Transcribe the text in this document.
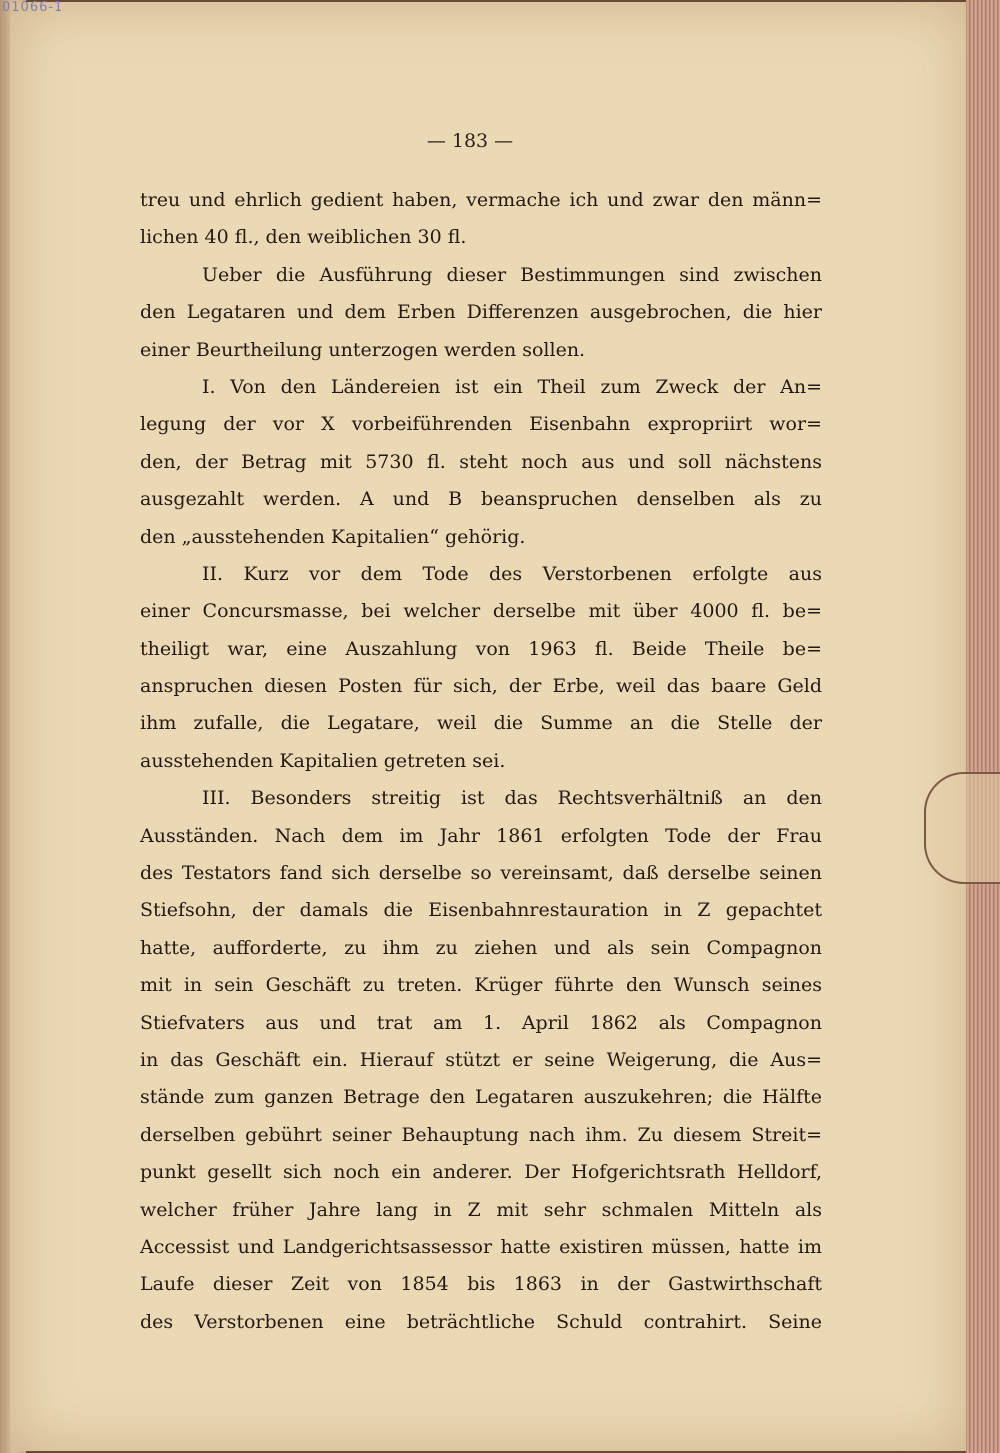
01066-1
— 183 —
treu und ehrlich gedient haben, vermache ich und zwar den männ=
lichen 40 fl., den weiblichen 30 fl.
Ueber die Ausführung dieser Bestimmungen sind zwischen
den Legataren und dem Erben Differenzen ausgebrochen, die hier
einer Beurtheilung unterzogen werden sollen.
I. Von den Ländereien ist ein Theil zum Zweck der An=
legung der vor X vorbeiführenden Eisenbahn expropriirt wor=
den, der Betrag mit 5730 fl. steht noch aus und soll nächstens
ausgezahlt werden. A und B beanspruchen denselben als zu
den „ausstehenden Kapitalien“ gehörig.
II. Kurz vor dem Tode des Verstorbenen erfolgte aus
einer Concursmasse, bei welcher derselbe mit über 4000 fl. be=
theiligt war, eine Auszahlung von 1963 fl. Beide Theile be=
anspruchen diesen Posten für sich, der Erbe, weil das baare Geld
ihm zufalle, die Legatare, weil die Summe an die Stelle der
ausstehenden Kapitalien getreten sei.
III. Besonders streitig ist das Rechtsverhältniß an den
Ausständen. Nach dem im Jahr 1861 erfolgten Tode der Frau
des Testators fand sich derselbe so vereinsamt, daß derselbe seinen
Stiefsohn, der damals die Eisenbahnrestauration in Z gepachtet
hatte, aufforderte, zu ihm zu ziehen und als sein Compagnon
mit in sein Geschäft zu treten. Krüger führte den Wunsch seines
Stiefvaters aus und trat am 1. April 1862 als Compagnon
in das Geschäft ein. Hierauf stützt er seine Weigerung, die Aus=
stände zum ganzen Betrage den Legataren auszukehren; die Hälfte
derselben gebührt seiner Behauptung nach ihm. Zu diesem Streit=
punkt gesellt sich noch ein anderer. Der Hofgerichtsrath Helldorf,
welcher früher Jahre lang in Z mit sehr schmalen Mitteln als
Accessist und Landgerichtsassessor hatte existiren müssen, hatte im
Laufe dieser Zeit von 1854 bis 1863 in der Gastwirthschaft
des Verstorbenen eine beträchtliche Schuld contrahirt. Seine
